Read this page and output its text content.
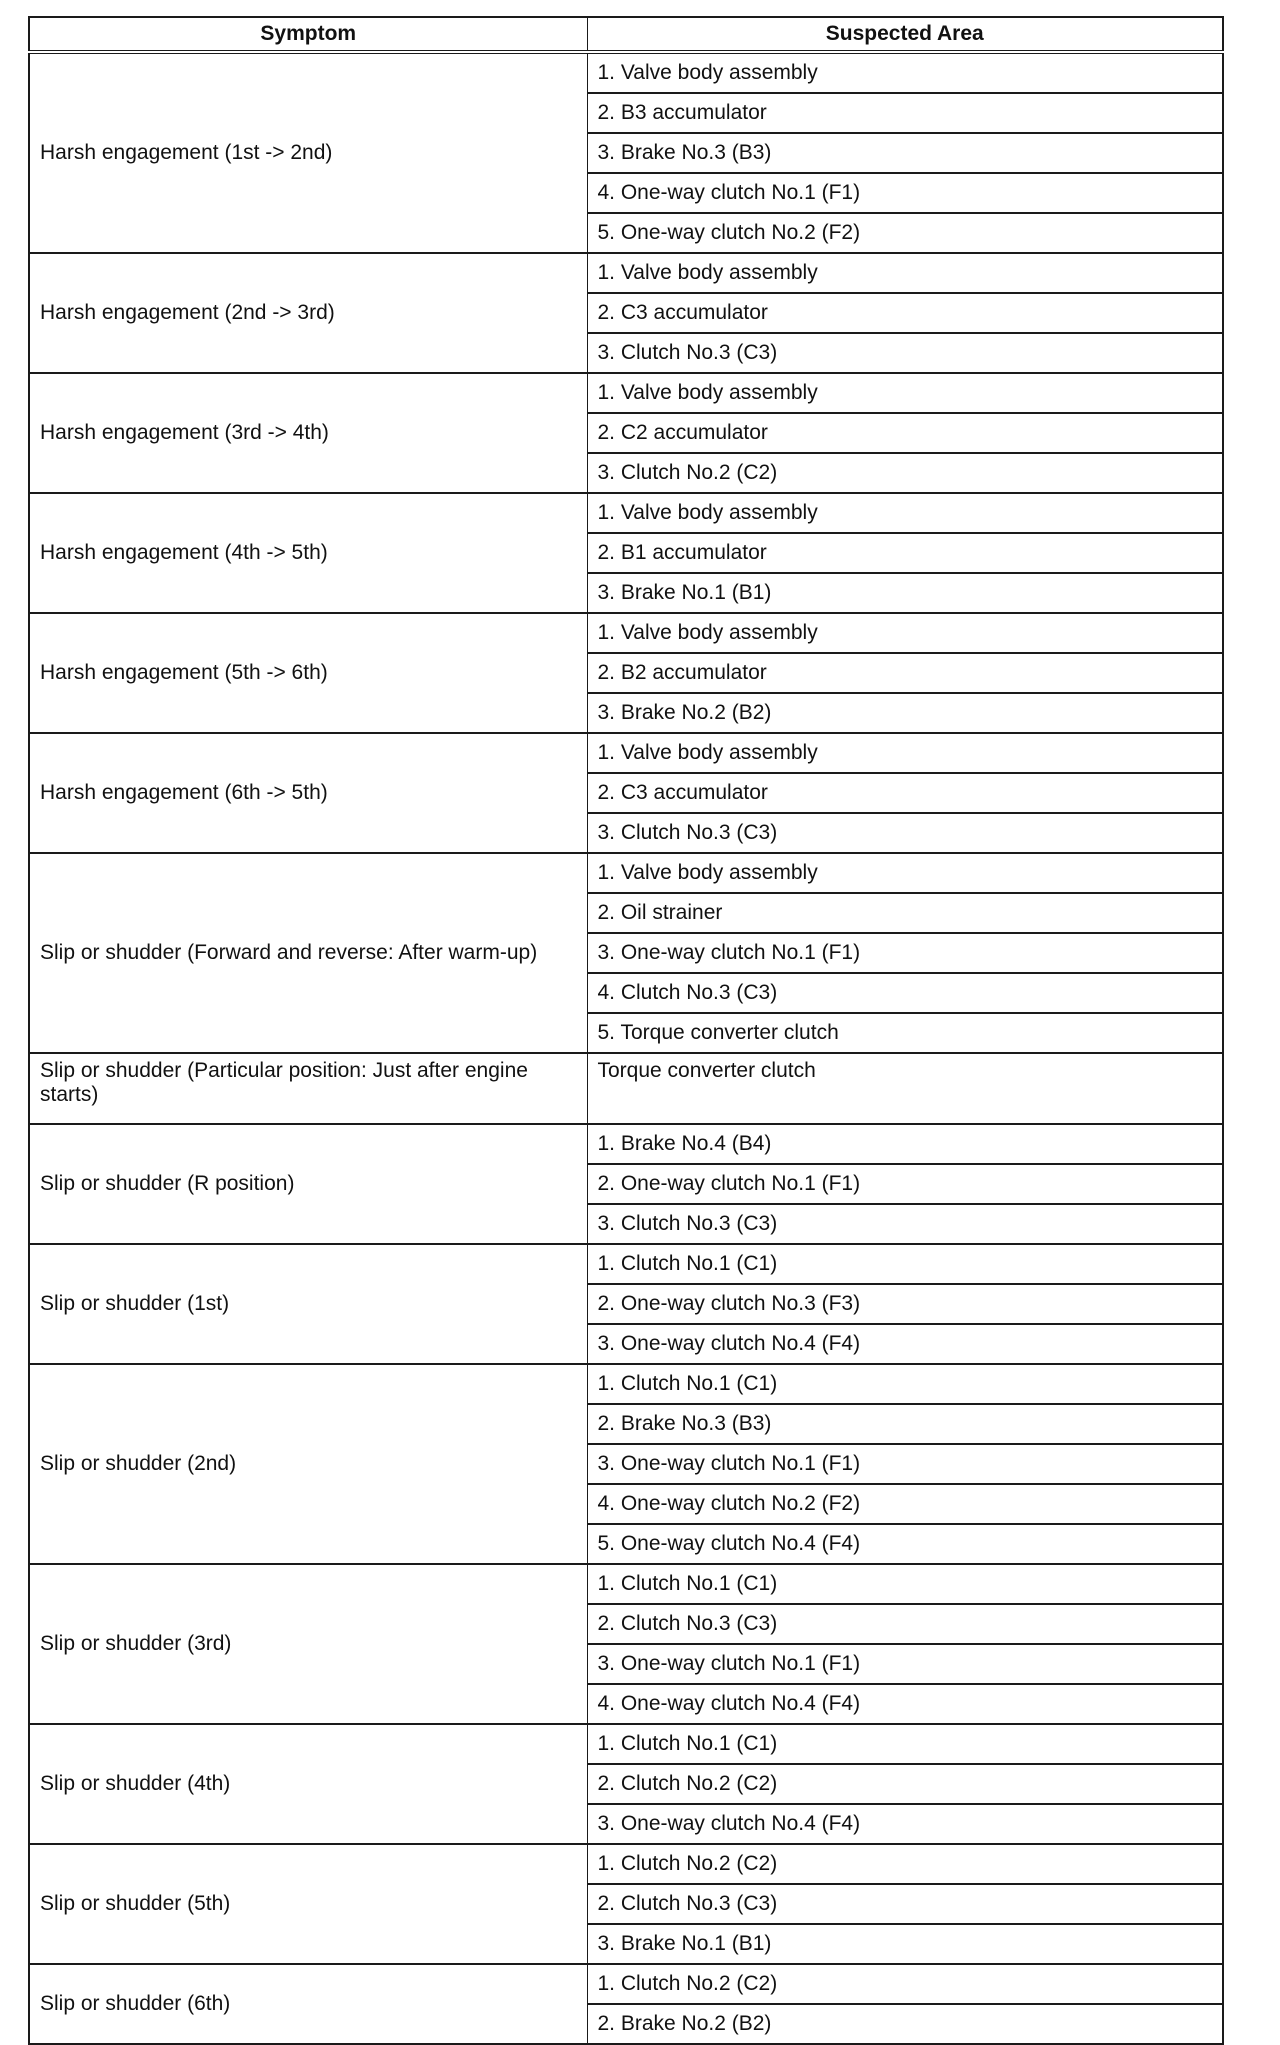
Symptom	Suspected Area
Harsh engagement (1st -> 2nd)	1. Valve body assembly
	2. B3 accumulator
	3. Brake No.3 (B3)
	4. One-way clutch No.1 (F1)
	5. One-way clutch No.2 (F2)
Harsh engagement (2nd -> 3rd)	1. Valve body assembly
	2. C3 accumulator
	3. Clutch No.3 (C3)
Harsh engagement (3rd -> 4th)	1. Valve body assembly
	2. C2 accumulator
	3. Clutch No.2 (C2)
Harsh engagement (4th -> 5th)	1. Valve body assembly
	2. B1 accumulator
	3. Brake No.1 (B1)
Harsh engagement (5th -> 6th)	1. Valve body assembly
	2. B2 accumulator
	3. Brake No.2 (B2)
Harsh engagement (6th -> 5th)	1. Valve body assembly
	2. C3 accumulator
	3. Clutch No.3 (C3)
Slip or shudder (Forward and reverse: After warm-up)	1. Valve body assembly
	2. Oil strainer
	3. One-way clutch No.1 (F1)
	4. Clutch No.3 (C3)
	5. Torque converter clutch
Slip or shudder (Particular position: Just after engine starts)	Torque converter clutch
Slip or shudder (R position)	1. Brake No.4 (B4)
	2. One-way clutch No.1 (F1)
	3. Clutch No.3 (C3)
Slip or shudder (1st)	1. Clutch No.1 (C1)
	2. One-way clutch No.3 (F3)
	3. One-way clutch No.4 (F4)
Slip or shudder (2nd)	1. Clutch No.1 (C1)
	2. Brake No.3 (B3)
	3. One-way clutch No.1 (F1)
	4. One-way clutch No.2 (F2)
	5. One-way clutch No.4 (F4)
Slip or shudder (3rd)	1. Clutch No.1 (C1)
	2. Clutch No.3 (C3)
	3. One-way clutch No.1 (F1)
	4. One-way clutch No.4 (F4)
Slip or shudder (4th)	1. Clutch No.1 (C1)
	2. Clutch No.2 (C2)
	3. One-way clutch No.4 (F4)
Slip or shudder (5th)	1. Clutch No.2 (C2)
	2. Clutch No.3 (C3)
	3. Brake No.1 (B1)
Slip or shudder (6th)	1. Clutch No.2 (C2)
	2. Brake No.2 (B2)
